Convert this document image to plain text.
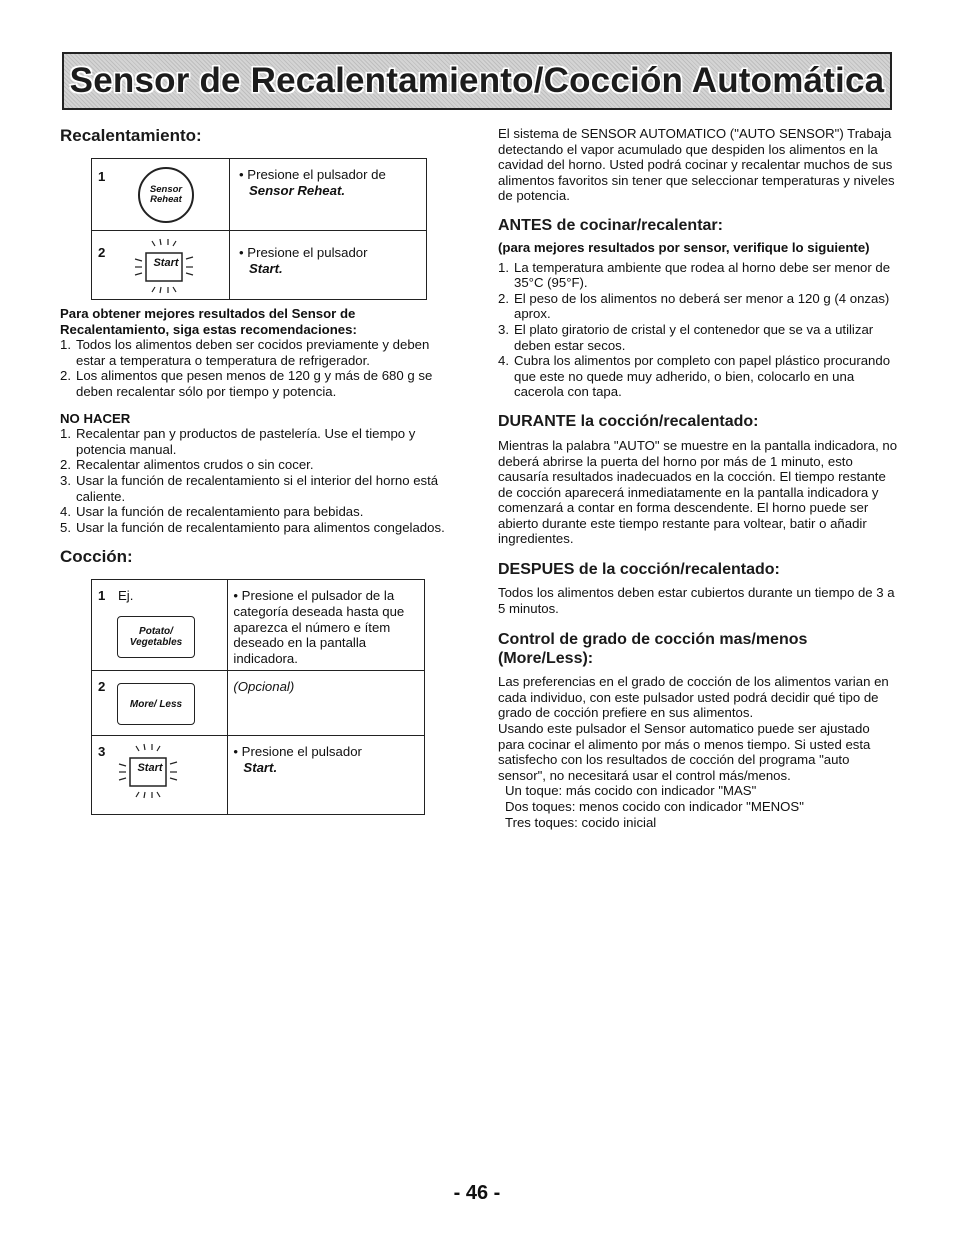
Sensor de Recalentamiento/Cocción Automática
Recalentamiento:
1
Sensor Reheat	• Presione el pulsador de
Sensor Reheat.

2
Start	• Presione el pulsador
Start.

Para obtener mejores resultados del Sensor de Recalentamiento, siga estas recomendaciones:

1. Todos los alimentos deben ser cocidos previamente y deben estar a temperatura o temperatura de refrigerador.
2. Los alimentos que pesen menos de 120 g y más de 680 g se deben recalentar sólo por tiempo y potencia.

NO HACER

1. Recalentar pan y productos de pastelería. Use el tiempo y potencia manual.
2. Recalentar alimentos crudos o sin cocer.
3. Usar la función de recalentamiento si el interior del horno está caliente.
4. Usar la función de recalentamiento para bebidas.
5. Usar la función de recalentamiento para alimentos congelados.
Cocción:
1 Ej.
Potato/ Vegetables	• Presione el pulsador de la categoría deseada hasta que aparezca el número e ítem deseado en la pantalla indicadora.

2
More/ Less	(Opcional)

3
Start	• Presione el pulsador
Start.

El sistema de SENSOR AUTOMATICO ("AUTO SENSOR") Trabaja detectando el vapor acumulado que despiden los alimentos en la cavidad del horno. Usted podrá cocinar y recalentar muchos de sus alimentos favoritos sin tener que seleccionar temperaturas y niveles de potencia.

ANTES de cocinar/recalentar:

(para mejores resultados por sensor, verifique lo siguiente)

1. La temperatura ambiente que rodea al horno debe ser menor de 35°C (95°F).
2. El peso de los alimentos no deberá ser menor a 120 g (4 onzas) aprox.
3. El plato giratorio de cristal y el contenedor que se va a utilizar deben estar secos.
4. Cubra los alimentos por completo con papel plástico procurando que este no quede muy adherido, o bien, colocarlo en una cacerola con tapa.
DURANTE la cocción/recalentado:

Mientras la palabra "AUTO" se muestre en la pantalla indicadora, no deberá abrirse la puerta del horno por más de 1 minuto, esto causaría resultados inadecuados en la cocción. El tiempo restante de cocción aparecerá inmediatamente en la pantalla indicadora y comenzará a contar en forma descendente. El horno puede ser abierto durante este tiempo restante para voltear, batir o añadir ingredientes.

DESPUES de la cocción/recalentado:

Todos los alimentos deben estar cubiertos durante un tiempo de 3 a 5 minutos.

Control de grado de cocción mas/menos (More/Less):

Las preferencias en el grado de cocción de los alimentos varian en cada individuo, con este pulsador usted podrá decidir qué tipo de grado de cocción prefiere en sus alimentos.

Usando este pulsador el Sensor automatico puede ser ajustado para cocinar el alimento por más o menos tiempo. Si usted esta satisfecho con los resultados de cocción del programa "auto sensor", no necesitará usar el control más/menos.

Un toque: más cocido con indicador "MAS"
Dos toques: menos cocido con indicador "MENOS"
Tres toques: cocido inicial
- 46 -
